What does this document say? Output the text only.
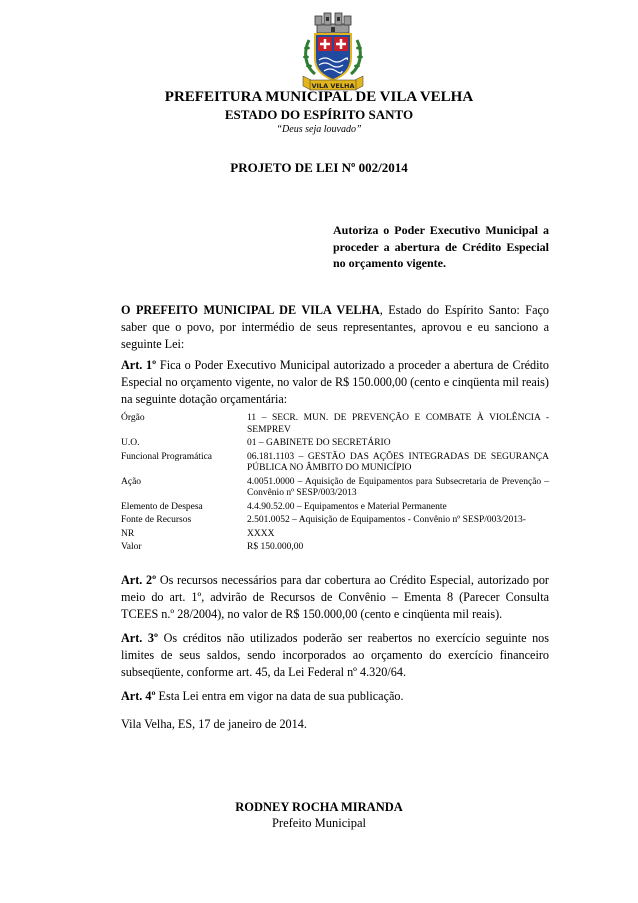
VILA VELHA
PREFEITURA MUNICIPAL DE VILA VELHA
ESTADO DO ESPÍRITO SANTO
“Deus seja louvado”
PROJETO DE LEI Nº 002/2014
Autoriza o Poder Executivo Municipal a proceder a abertura de Crédito Especial no orçamento vigente.
O PREFEITO MUNICIPAL DE VILA VELHA, Estado do Espírito Santo: Faço saber que o povo, por intermédio de seus representantes, aprovou e eu sanciono a seguinte Lei:
Art. 1º Fica o Poder Executivo Municipal autorizado a proceder a abertura de Crédito Especial no orçamento vigente, no valor de R$ 150.000,00 (cento e cinqüenta mil reais) na seguinte dotação orçamentária:
Órgão	11 – SECR. MUN. DE PREVENÇÃO E COMBATE À VIOLÊNCIA - SEMPREV
U.O.	01 – GABINETE DO SECRETÁRIO
Funcional Programática	06.181.1103 – GESTÃO DAS AÇÕES INTEGRADAS DE SEGURANÇA PÚBLICA NO ÂMBITO DO MUNICÍPIO
Ação	4.0051.0000 – Aquisição de Equipamentos para Subsecretaria de Prevenção – Convênio nº SESP/003/2013
Elemento de Despesa	4.4.90.52.00 – Equipamentos e Material Permanente
Fonte de Recursos	2.501.0052 – Aquisição de Equipamentos - Convênio nº SESP/003/2013-
NR	XXXX
Valor	R$ 150.000,00
Art. 2º Os recursos necessários para dar cobertura ao Crédito Especial, autorizado por meio do art. 1º, advirão de Recursos de Convênio – Ementa 8 (Parecer Consulta TCEES n.º 28/2004), no valor de R$ 150.000,00 (cento e cinqüenta mil reais).
Art. 3º Os créditos não utilizados poderão ser reabertos no exercício seguinte nos limites de seus saldos, sendo incorporados ao orçamento do exercício financeiro subseqüente, conforme art. 45, da Lei Federal nº 4.320/64.
Art. 4º Esta Lei entra em vigor na data de sua publicação.
Vila Velha, ES, 17 de janeiro de 2014.
RODNEY ROCHA MIRANDA
Prefeito Municipal
